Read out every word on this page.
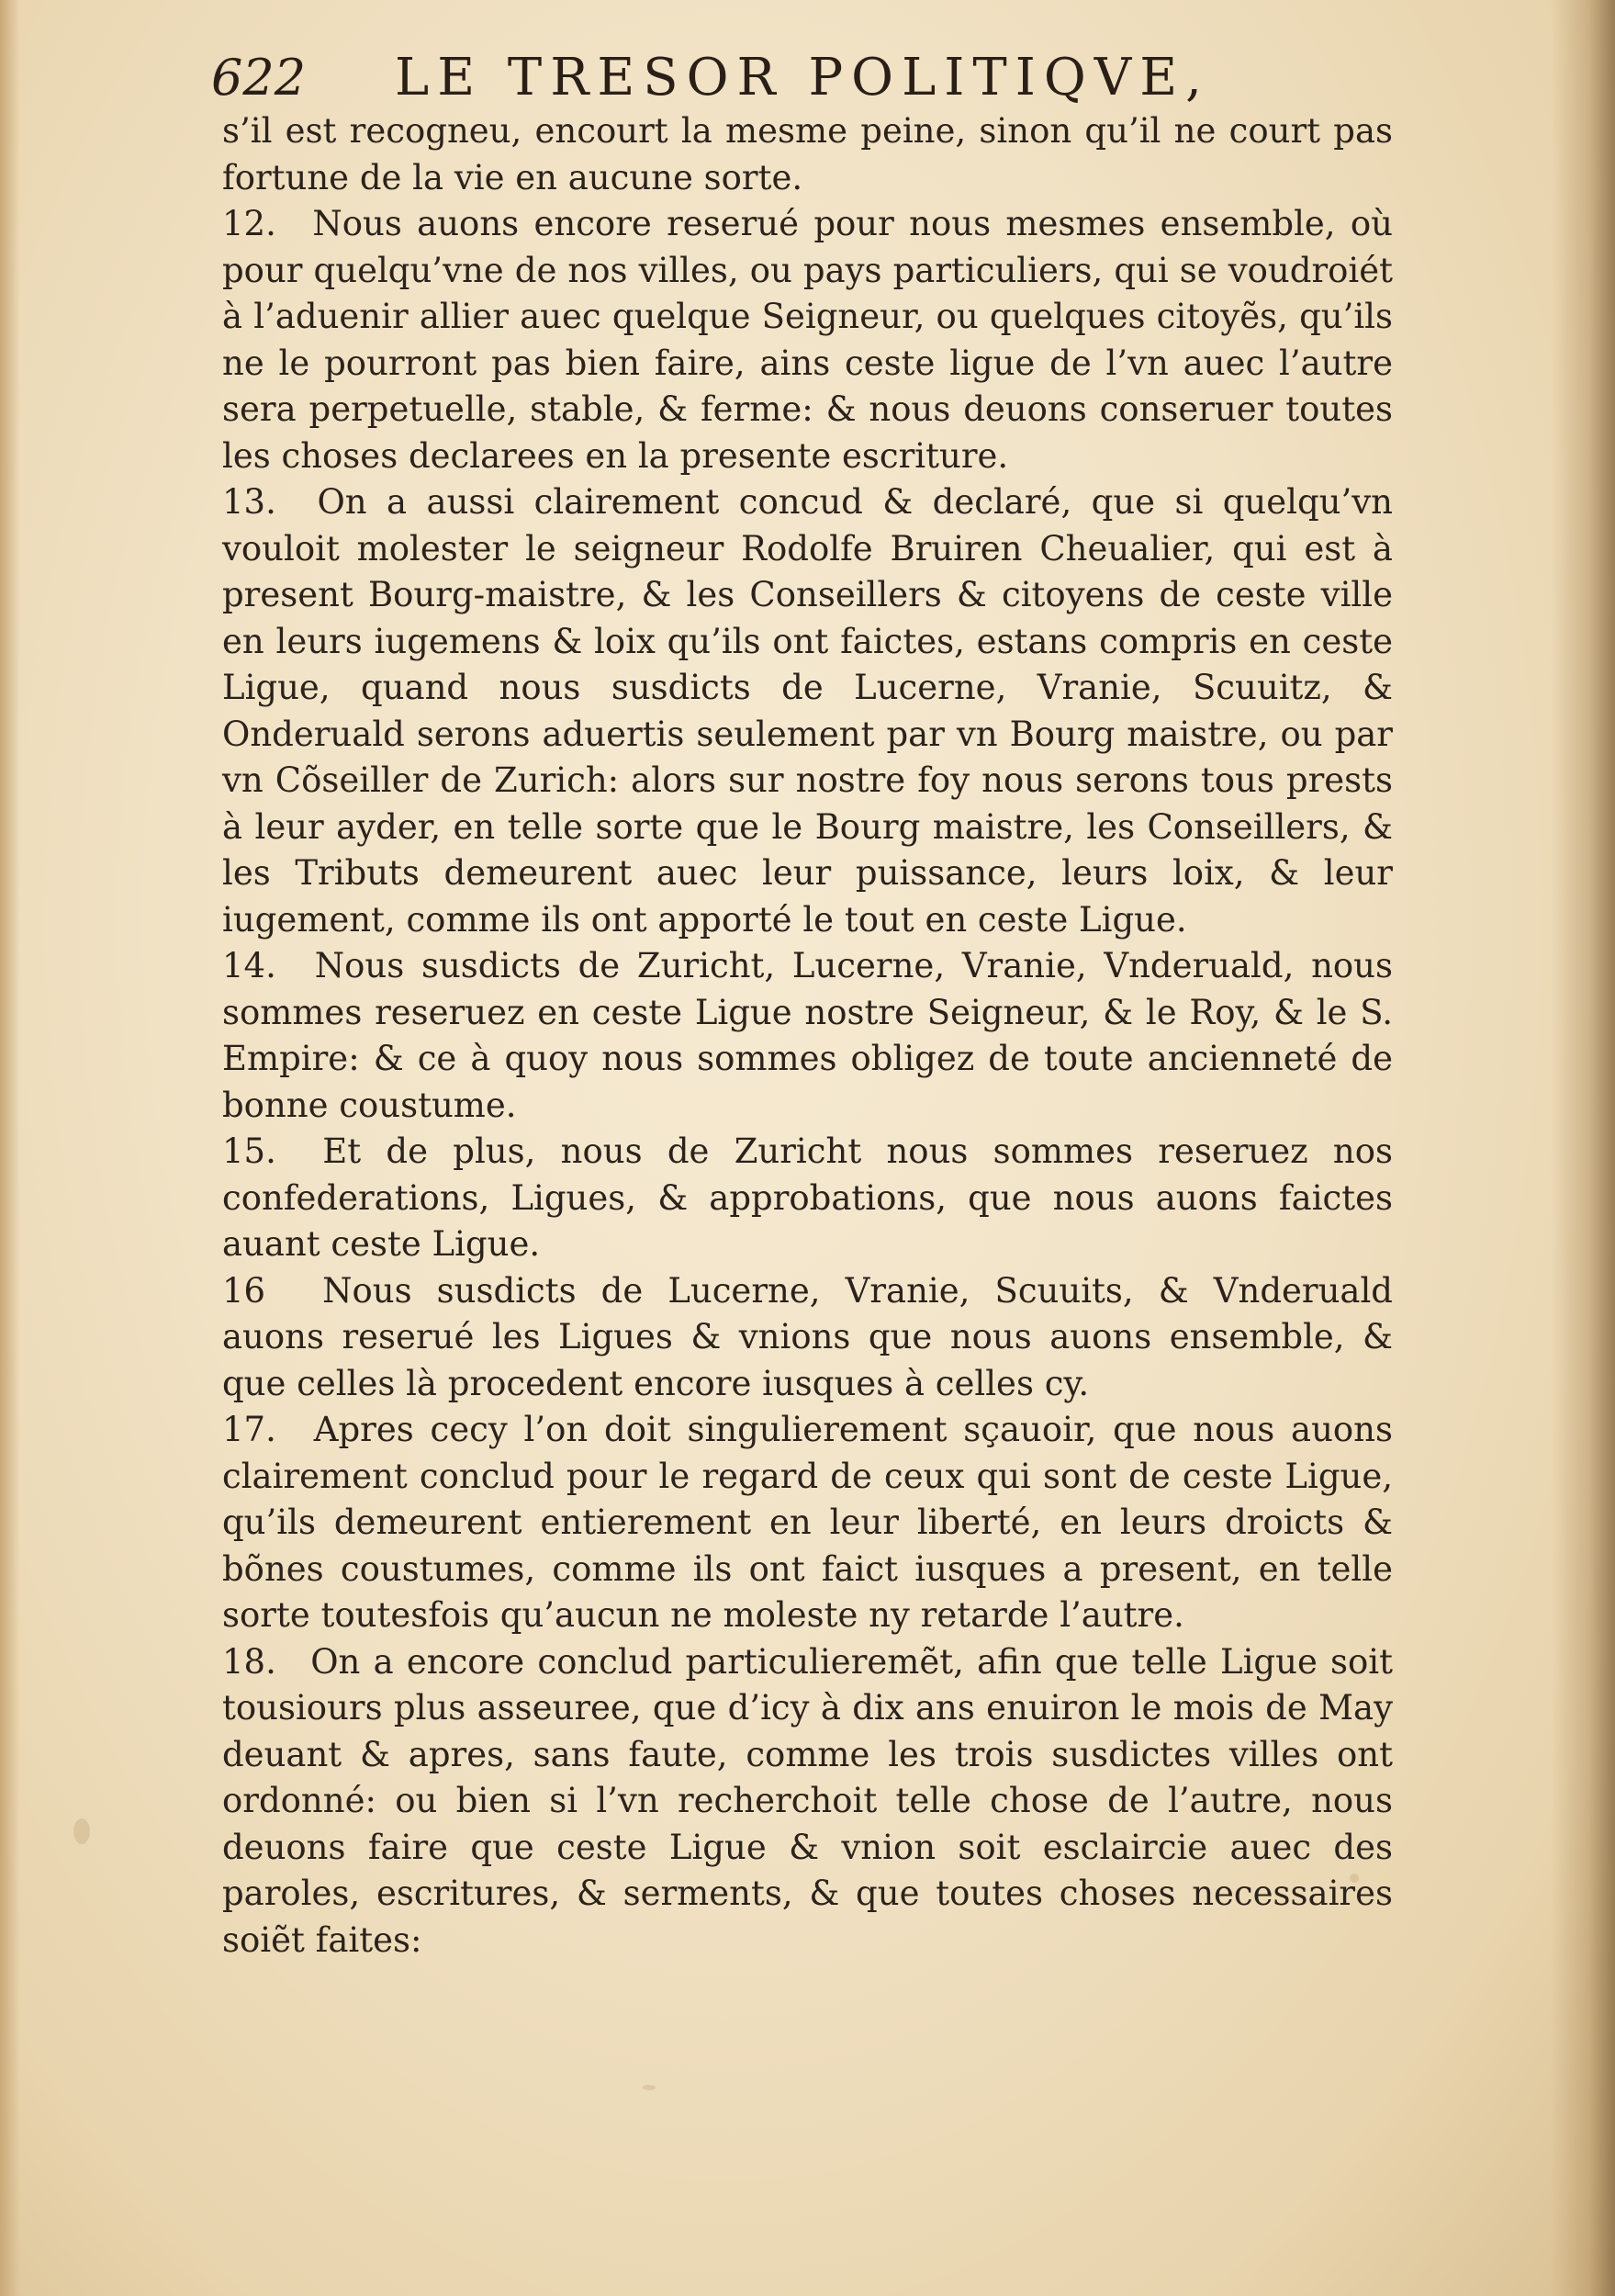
622 LE TRESOR POLITIQVE,

s’il est recogneu, encourt la mesme peine, sinon qu’il ne court pas fortune de la vie en aucune sorte.

12. Nous auons encore reserué pour nous mesmes ensemble, où pour quelqu’vne de nos villes, ou pays particuliers, qui se voudroiét à l’aduenir allier auec quelque Seigneur, ou quelques citoyẽs, qu’ils ne le pourront pas bien faire, ains ceste ligue de l’vn auec l’autre sera perpetuelle, stable, & ferme: & nous deuons conseruer toutes les choses declarees en la presente escriture.

13. On a aussi clairement concud & declaré, que si quelqu’vn vouloit molester le seigneur Rodolfe Bruiren Cheualier, qui est à present Bourg-maistre, & les Conseillers & citoyens de ceste ville en leurs iugemens & loix qu’ils ont faictes, estans compris en ceste Ligue, quand nous susdicts de Lucerne, Vranie, Scuuitz, & Onderuald serons aduertis seulement par vn Bourg maistre, ou par vn Cõseiller de Zurich: alors sur nostre foy nous serons tous prests à leur ayder, en telle sorte que le Bourg maistre, les Conseillers, & les Tributs demeurent auec leur puissance, leurs loix, & leur iugement, comme ils ont apporté le tout en ceste Ligue.

14. Nous susdicts de Zuricht, Lucerne, Vranie, Vnderuald, nous sommes reseruez en ceste Ligue nostre Seigneur, & le Roy, & le S. Empire: & ce à quoy nous sommes obligez de toute ancienneté de bonne coustume.

15. Et de plus, nous de Zuricht nous sommes reseruez nos confederations, Ligues, & approbations, que nous auons faictes auant ceste Ligue.

16 Nous susdicts de Lucerne, Vranie, Scuuits, & Vnderuald auons reserué les Ligues & vnions que nous auons ensemble, & que celles là procedent encore iusques à celles cy.

17. Apres cecy l’on doit singulierement sçauoir, que nous auons clairement conclud pour le regard de ceux qui sont de ceste Ligue, qu’ils demeurent entierement en leur liberté, en leurs droicts & bõnes coustumes, comme ils ont faict iusques a present, en telle sorte toutesfois qu’aucun ne moleste ny retarde l’autre.

18. On a encore conclud particulieremẽt, afin que telle Ligue soit tousiours plus asseuree, que d’icy à dix ans enuiron le mois de May deuant & apres, sans faute, comme les trois susdictes villes ont ordonné: ou bien si l’vn recherchoit telle chose de l’autre, nous deuons faire que ceste Ligue & vnion soit esclaircie auec des paroles, escritures, & serments, & que toutes choses necessaires soiẽt faites:
